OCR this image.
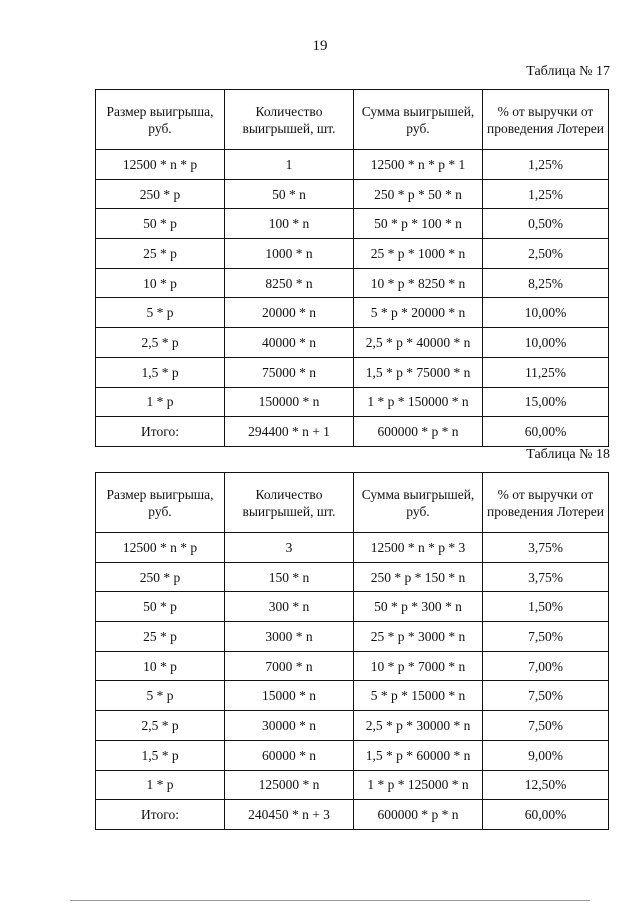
19
Таблица № 17
Размер выигрыша, руб.	Количество выигрышей, шт.	Сумма выигрышей, руб.	% от выручки от проведения Лотереи
12500 * n * p	1	12500 * n * p * 1	1,25%
250 * p	50 * n	250 * p * 50 * n	1,25%
50 * p	100 * n	50 * p * 100 * n	0,50%
25 * p	1000 * n	25 * p * 1000 * n	2,50%
10 * p	8250 * n	10 * p * 8250 * n	8,25%
5 * p	20000 * n	5 * p * 20000 * n	10,00%
2,5 * p	40000 * n	2,5 * p * 40000 * n	10,00%
1,5 * p	75000 * n	1,5 * p * 75000 * n	11,25%
1 * p	150000 * n	1 * p * 150000 * n	15,00%
Итого:	294400 * n + 1	600000 * p * n	60,00%
Таблица № 18
Размер выигрыша, руб.	Количество выигрышей, шт.	Сумма выигрышей, руб.	% от выручки от проведения Лотереи
12500 * n * p	3	12500 * n * p * 3	3,75%
250 * p	150 * n	250 * p * 150 * n	3,75%
50 * p	300 * n	50 * p * 300 * n	1,50%
25 * p	3000 * n	25 * p * 3000 * n	7,50%
10 * p	7000 * n	10 * p * 7000 * n	7,00%
5 * p	15000 * n	5 * p * 15000 * n	7,50%
2,5 * p	30000 * n	2,5 * p * 30000 * n	7,50%
1,5 * p	60000 * n	1,5 * p * 60000 * n	9,00%
1 * p	125000 * n	1 * p * 125000 * n	12,50%
Итого:	240450 * n + 3	600000 * p * n	60,00%
